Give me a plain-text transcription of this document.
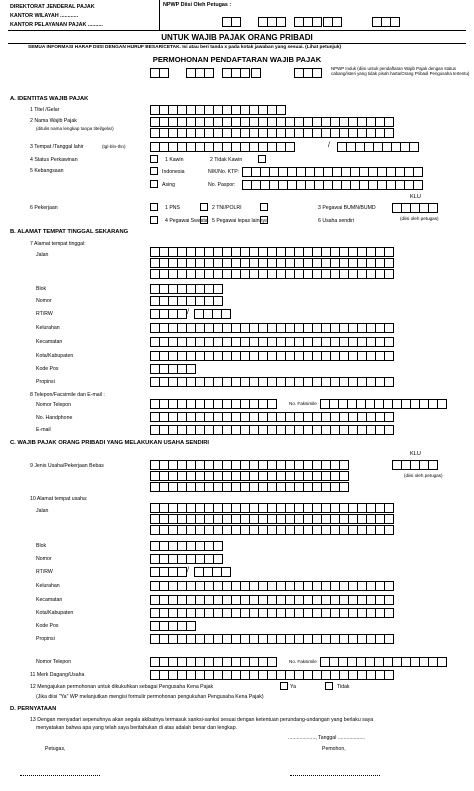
DIREKTORAT JENDERAL PAJAK
KANTOR WILAYAH ............
KANTOR PELAYANAN PAJAK ..........
NPWP Diisi Oleh Petugas :
UNTUK WAJIB PAJAK ORANG PRIBADI
SEMUA INFORMASI HARAP DIISI DENGAN HURUF BESAR/CETAK. Isi atau beri tanda x pada kotak jawaban yang sesuai. (Lihat petunjuk)
PERMOHONAN PENDAFTARAN WAJIB PAJAK
NPWP Induk (diisi untuk pendaftaran Wajib Pajak dengan status cabang/isteri yang tidak pisah harta/Orang Pribadi Pengusaha tertentu)
A. IDENTITAS WAJIB PAJAK
1 Titel /Gelar
2 Nama Wajib Pajak
(ditulis nama lengkap tanpa titel/gelar)
3 Tempat /Tanggal lahir	(tgl-bln-thn)	/
4 Status Perkawinan	1 Kawin	2 Tidak Kawin
5 Kebangsaan	Indonesia	NIK/No. KTP:
Asing	No. Paspor:
KLU
6 Pekerjaan	1 PNS	2 TNI/POLRI	3 Pegawai BUMN/BUMD
4 Pegawai Swasta 5 Pegawai lepas lainnya	6 Usaha sendiri	(diisi oleh petugas)
B. ALAMAT TEMPAT TINGGAL SEKARANG
7 Alamat tempat tinggal:
Jalan
Blok
Nomor
RT/RW	/
Kelurahan
Kecamatan
Kota/Kabupaten
Kode Pos
Propinsi
8 Telepon/Facsimile dan E-mail :
Nomor Telepon	No. Faksimile
No. Handphone
E-mail
C. WAJIB PAJAK ORANG PRIBADI YANG MELAKUKAN USAHA SENDIRI
KLU
9 Jenis Usaha/Pekerjaan Bebas
(diisi oleh petugas)
10 Alamat tempat usaha:
Jalan
Blok
Nomor
RT/RW	/
Kelurahan
Kecamatan
Kota/Kabupaten
Kode Pos
Propinsi
Nomor Telepon	No. Faksimile
11 Merk Dagang/Usaha
12 Mengajukan permohonan untuk dikukuhkan sebagai Pengusaha Kena Pajak	Ya	Tidak
(Jika diisi "Ya" WP melanjutkan mengisi formulir permohonan pengukuhan Pengusaha Kena Pajak)
D. PERNYATAAN
13 Dengan menyadari sepenuhnya akan segala akibatnya termasuk sanksi-sanksi sesuai dengan ketentuan perundang-undangan yang berlaku saya
menyatakan bahwa apa yang telah saya beritahukan di atas adalah benar dan lengkap.
..................., Tanggal ...................
Petugas,	Pemohon,
